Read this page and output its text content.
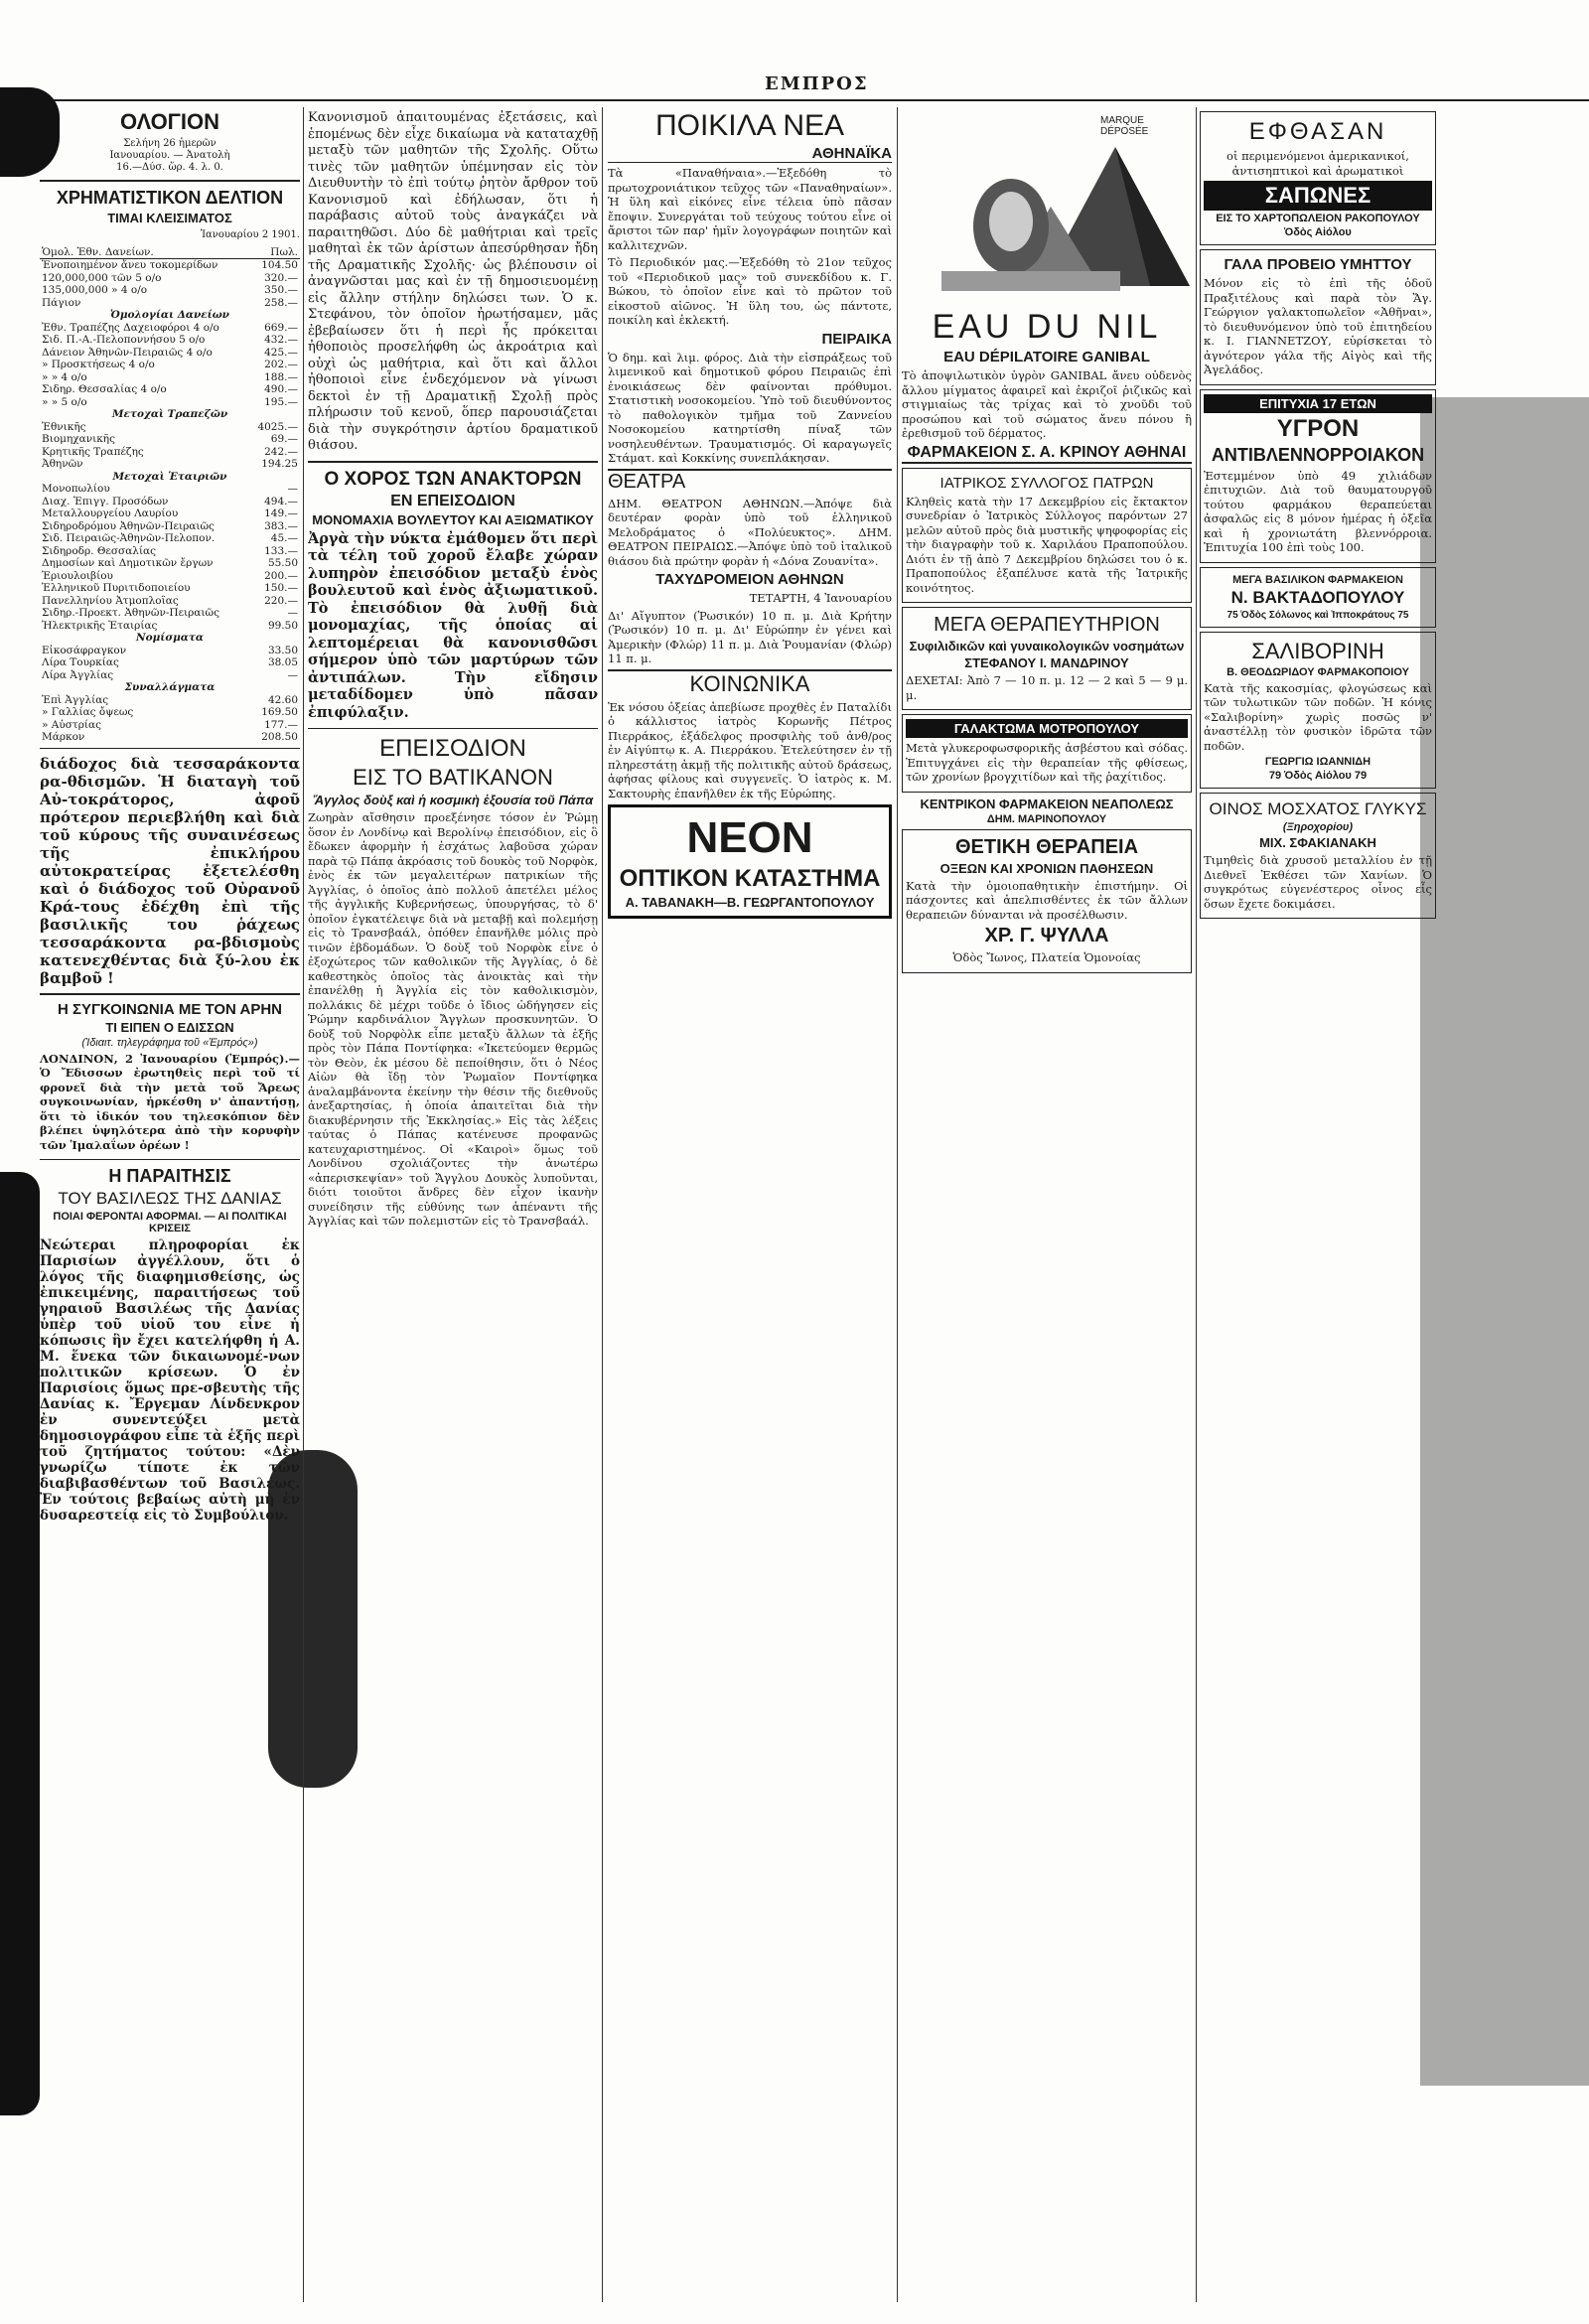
ΕΜΠΡΟΣ
ΟΛΟΓΙΟΝ
Σελήνη 26 ἡμερῶν
Ιανουαρίου. — Ἀνατολὴ
16.—Δύσ. ὥρ. 4. λ. 0.
ΧΡΗΜΑΤΙΣΤΙΚΟΝ ΔΕΛΤΙΟΝ
ΤΙΜΑΙ ΚΛΕΙΣΙΜΑΤΟΣ
Ἰανουαρίου 2 1901.
Ὁμολ. Ἐθν. Δανείων.	Πωλ.
Ἑνοποιημένον ἄνευ τοκομερίδων	104.50
120,000,000 τῶν 5 ο/ο	320.—
135,000,000 » 4 ο/ο	350.—
Πάγιον	258.—
Ὁμολογίαι Δανείων	
Ἐθν. Τραπέζης Δαχειοφόροι 4 ο/ο	669.—
Σιδ. Π.-Α.-Πελοποννήσου 5 ο/ο	432.—
Δάνειον Ἀθηνῶν-Πειραιῶς 4 ο/ο	425.—
» Προσκτήσεως 4 ο/ο	202.—
» » 4 ο/ο	188.—
Σιδηρ. Θεσσαλίας 4 ο/ο	490.—
» » 5 ο/ο	195.—
Μετοχαὶ Τραπεζῶν	
Ἐθνικῆς	4025.—
Βιομηχανικῆς	69.—
Κρητικῆς Τραπέζης	242.—
Ἀθηνῶν	194.25
Μετοχαὶ Ἑταιριῶν	
Μονοπωλίου	—
Διαχ. Ἐπιγγ. Προσόδων	494.—
Μεταλλουργείου Λαυρίου	149.—
Σιδηροδρόμου Ἀθηνῶν-Πειραιῶς	383.—
Σιδ. Πειραιῶς-Ἀθηνῶν-Πελοπον.	45.—
Σιδηροδρ. Θεσσαλίας	133.—
Δημοσίων καὶ Δημοτικῶν ἔργων	55.50
Ἐριουλοιβίου	200.—
Ἑλληνικοῦ Πυριτιδοποιείου	150.—
Πανελληνίου Ἀτμοπλοΐας	220.—
Σιδηρ.-Προεκτ. Ἀθηνῶν-Πειραιῶς	—
Ἠλεκτρικῆς Ἑταιρίας	99.50
Νομίσματα	
Εἰκοσάφραγκον	33.50
Λίρα Τουρκίας	38.05
Λίρα Ἀγγλίας	—
Συναλλάγματα	
Ἐπὶ Ἀγγλίας	42.60
» Γαλλίας ὄψεως	169.50
» Αὐστρίας	177.—
Μάρκον	208.50
διάδοχος διὰ τεσσαράκοντα ρα-θδισμῶν. Ἡ διαταγὴ τοῦ Αὐ-τοκράτορος, ἀφοῦ πρότερον περιεβλήθη καὶ διὰ τοῦ κύρους τῆς συναινέσεως τῆς ἐπικλήρου αὐτοκρατείρας ἐξετελέσθη καὶ ὁ διάδοχος τοῦ Οὐρανοῦ Κρά-τους ἐδέχθη ἐπὶ τῆς βασιλικῆς του ῥάχεως τεσσαράκοντα ρα-βδισμοὺς κατενεχθέντας διὰ ξύ-λου ἐκ βαμβοῦ !
Η ΣΥΓΚΟΙΝΩΝΙΑ ΜΕ ΤΟΝ ΑΡΗΝ
ΤΙ ΕΙΠΕΝ Ο ΕΔΙΣΣΩΝ
(Ἰδιαιτ. τηλεγράφημα τοῦ «Ἐμπρός»)
ΛΟΝΔΙΝΟΝ, 2 Ἰανουαρίου (Ἐμπρός).—Ὁ Ἔδισσων ἐρωτηθεὶς περὶ τοῦ τί φρονεῖ διὰ τὴν μετὰ τοῦ Ἄρεως συγκοινωνίαν, ἠρκέσθη ν' ἀπαντήσῃ, ὅτι τὸ ἰδικόν του τηλεσκόπιον δὲν βλέπει ὑψηλότερα ἀπὸ τὴν κορυφὴν τῶν Ἱμαλαΐων ὀρέων !
Η ΠΑΡΑΙΤΗΣΙΣ
ΤΟΥ ΒΑΣΙΛΕΩΣ ΤΗΣ ΔΑΝΙΑΣ
ΠΟΙΑΙ ΦΕΡΟΝΤΑΙ ΑΦΟΡΜΑΙ. — ΑΙ ΠΟΛΙΤΙΚΑΙ ΚΡΙΣΕΙΣ
Νεώτεραι πληροφορίαι ἐκ Παρισίων ἀγγέλλουν, ὅτι ὁ λόγος τῆς διαφημισθείσης, ὡς ἐπικειμένης, παραιτήσεως τοῦ γηραιοῦ Βασιλέως τῆς Δανίας ὑπὲρ τοῦ υἱοῦ του εἶνε ἡ κόπωσις ἣν ἔχει κατελήφθη ἡ Α. Μ. ἕνεκα τῶν δικαιωνομέ-νων πολιτικῶν κρίσεων. Ὁ ἐν Παρισίοις ὅμως πρε-σβευτὴς τῆς Δανίας κ. Ἔργεμαν Λίνδενκρον ἐν συνεντεύξει μετὰ δημοσιογράφου εἶπε τὰ ἑξῆς περὶ τοῦ ζητήματος τούτου: «Δὲν γνωρίζω τίποτε ἐκ τῶν διαβιβασθέντων τοῦ Βασιλέως. Ἐν τούτοις βεβαίως αὐτὴ μὴ ἐν δυσαρεστείᾳ εἰς τὸ Συμβούλιον.
Κανονισμοῦ ἀπαιτουμένας ἐξετάσεις, καὶ ἑπομένως δὲν εἶχε δικαίωμα νὰ καταταχθῇ μεταξὺ τῶν μαθητῶν τῆς Σχολῆς. Οὕτω τινὲς τῶν μαθητῶν ὑπέμνησαν εἰς τὸν Διευθυντὴν τὸ ἐπὶ τούτῳ ῥητὸν ἄρθρον τοῦ Κανονισμοῦ καὶ ἐδήλωσαν, ὅτι ἡ παράβασις αὐτοῦ τοὺς ἀναγκάζει νὰ παραιτηθῶσι. Δύο δὲ μαθήτριαι καὶ τρεῖς μαθηταὶ ἐκ τῶν ἀρίστων ἀπεσύρθησαν ἤδη τῆς Δραματικῆς Σχολῆς· ὡς βλέπουσιν οἱ ἀναγνῶσται μας καὶ ἐν τῇ δημοσιευομένῃ εἰς ἄλλην στήλην δηλώσει των. Ὁ κ. Στεφάνου, τὸν ὁποῖον ἠρωτήσαμεν, μᾶς ἐβεβαίωσεν ὅτι ἡ περὶ ἧς πρόκειται ἠθοποιὸς προσελήφθη ὡς ἀκροάτρια καὶ οὐχὶ ὡς μαθήτρια, καὶ ὅτι καὶ ἄλλοι ἠθοποιοὶ εἶνε ἐνδεχόμενον νὰ γίνωσι δεκτοὶ ἐν τῇ Δραματικῇ Σχολῇ πρὸς πλήρωσιν τοῦ κενοῦ, ὅπερ παρουσιάζεται διὰ τὴν συγκρότησιν ἀρτίου δραματικοῦ θιάσου.
Ο ΧΟΡΟΣ ΤΩΝ ΑΝΑΚΤΟΡΩΝ
ΕΝ ΕΠΕΙΣΟΔΙΟΝ
ΜΟΝΟΜΑΧΙΑ ΒΟΥΛΕΥΤΟΥ ΚΑΙ ΑΞΙΩΜΑΤΙΚΟΥ
Ἀργὰ τὴν νύκτα ἐμάθομεν ὅτι περὶ τὰ τέλη τοῦ χοροῦ ἔλαβε χώραν λυπηρὸν ἐπεισόδιον μεταξὺ ἑνὸς βουλευτοῦ καὶ ἑνὸς ἀξιωματικοῦ. Τὸ ἐπεισόδιον θὰ λυθῇ διὰ μονομαχίας, τῆς ὁποίας αἱ λεπτομέρειαι θὰ κανονισθῶσι σήμερον ὑπὸ τῶν μαρτύρων τῶν ἀντιπάλων. Τὴν εἴδησιν μεταδίδομεν ὑπὸ πᾶσαν ἐπιφύλαξιν.
ΕΠΕΙΣΟΔΙΟΝ
ΕΙΣ ΤΟ ΒΑΤΙΚΑΝΟΝ
Ἄγγλος δοὺξ καὶ ἡ κοσμικὴ ἐξουσία τοῦ Πάπα
Ζωηρὰν αἴσθησιν προεξένησε τόσον ἐν Ῥώμῃ ὅσον ἐν Λονδίνῳ καὶ Βερολίνῳ ἐπεισόδιον, εἰς ὃ ἔδωκεν ἀφορμὴν ἡ ἐσχάτως λαβοῦσα χώραν παρὰ τῷ Πάπᾳ ἀκρόασις τοῦ δουκὸς τοῦ Νορφὸκ, ἑνὸς ἐκ τῶν μεγαλειτέρων πατρικίων τῆς Ἀγγλίας, ὁ ὁποῖος ἀπὸ πολλοῦ ἀπετέλει μέλος τῆς ἀγγλικῆς Κυβερνήσεως, ὑπουργήσας, τὸ δ' ὁποῖον ἐγκατέλειψε διὰ νὰ μεταβῇ καὶ πολεμήσῃ εἰς τὸ Τρανσβαάλ, ὁπόθεν ἐπανῆλθε μόλις πρὸ τινῶν ἑβδομάδων. Ὁ δοὺξ τοῦ Νορφὸκ εἶνε ὁ ἐξοχώτερος τῶν καθολικῶν τῆς Ἀγγλίας, ὁ δὲ καθεστηκὸς ὁποῖος τὰς ἀνοικτὰς καὶ τὴν ἐπανέλθῃ ἡ Ἀγγλία εἰς τὸν καθολικισμὸν, πολλάκις δὲ μέχρι τοῦδε ὁ ἴδιος ὡδήγησεν εἰς Ῥώμην καρδινάλιον Ἄγγλων προσκυνητῶν. Ὁ δοὺξ τοῦ Νορφὸλκ εἶπε μεταξὺ ἄλλων τὰ ἑξῆς πρὸς τὸν Πάπα Ποντίφηκα: «Ἱκετεύομεν θερμῶς τὸν Θεὸν, ἐκ μέσου δὲ πεποίθησιν, ὅτι ὁ Νέος Αἰὼν θὰ ἴδῃ τὸν Ῥωμαῖον Ποντίφηκα ἀναλαμβάνοντα ἐκείνην τὴν θέσιν τῆς διεθνοῦς ἀνεξαρτησίας, ἡ ὁποία ἀπαιτεῖται διὰ τὴν διακυβέρνησιν τῆς Ἐκκλησίας.» Εἰς τὰς λέξεις ταύτας ὁ Πάπας κατένευσε προφανῶς κατευχαριστημένος. Οἱ «Καιροὶ» ὅμως τοῦ Λονδίνου σχολιάζοντες τὴν ἀνωτέρω «ἀπερισκεψίαν» τοῦ Ἄγγλου Δουκὸς λυποῦνται, διότι τοιοῦτοι ἄνδρες δὲν εἶχον ἱκανὴν συνείδησιν τῆς εὐθύνης των ἀπέναντι τῆς Ἀγγλίας καὶ τῶν πολεμιστῶν εἰς τὸ Τρανσβαάλ.
ΠΟΙΚΙΛΑ ΝΕΑ
ΑΘΗΝΑΪΚΑ
Τὰ «Παναθήναια».—Ἐξεδόθη τὸ πρωτοχρονιάτικον τεῦχος τῶν «Παναθηναίων». Ἡ ὕλη καὶ εἰκόνες εἶνε τέλεια ὑπὸ πᾶσαν ἔποψιν. Συνεργάται τοῦ τεύχους τούτου εἶνε οἱ ἄριστοι τῶν παρ' ἡμῖν λογογράφων ποιητῶν καὶ καλλιτεχνῶν.
Τὸ Περιοδικόν μας.—Ἐξεδόθη τὸ 21ον τεῦχος τοῦ «Περιοδικοῦ μας» τοῦ συνεκδίδου κ. Γ. Βώκου, τὸ ὁποῖον εἶνε καὶ τὸ πρῶτον τοῦ εἰκοστοῦ αἰῶνος. Ἡ ὕλη του, ὡς πάντοτε, ποικίλη καὶ ἐκλεκτή.
ΠΕΙΡΑΙΚΑ
Ὁ δημ. καὶ λιμ. φόρος. Διὰ τὴν εἰσπράξεως τοῦ λιμενικοῦ καὶ δημοτικοῦ φόρου Πειραιῶς ἐπὶ ἑνοικιάσεως δὲν φαίνονται πρόθυμοι. Στατιστικὴ νοσοκομείου. Ὑπὸ τοῦ διευθύνοντος τὸ παθολογικὸν τμῆμα τοῦ Ζαννείου Νοσοκομείου κατηρτίσθη πίναξ τῶν νοσηλευθέντων. Τραυματισμός. Οἱ καραγωγεῖς Στάματ. καὶ Κοκκίνης συνεπλάκησαν.
ΘΕΑΤΡΑ
ΔΗΜ. ΘΕΑΤΡΟΝ ΑΘΗΝΩΝ.—Ἀπόψε διὰ δευτέραν φορὰν ὑπὸ τοῦ ἑλληνικοῦ Μελοδράματος ὁ «Πολύευκτος». ΔΗΜ. ΘΕΑΤΡΟΝ ΠΕΙΡΑΙΩΣ.—Ἀπόψε ὑπὸ τοῦ ἰταλικοῦ θιάσου διὰ πρώτην φορὰν ἡ «Δόνα Ζουανίτα».
ΤΑΧΥΔΡΟΜΕΙΟΝ ΑΘΗΝΩΝ
ΤΕΤΑΡΤΗ, 4 Ἰανουαρίου
Δι' Αἴγυπτον (Ῥωσικόν) 10 π. μ. Διὰ Κρήτην (Ῥωσικόν) 10 π. μ. Δι' Εὐρώπην ἐν γένει καὶ Ἀμερικὴν (Φλώρ) 11 π. μ. Διὰ Ῥουμανίαν (Φλώρ) 11 π. μ.
ΚΟΙΝΩΝΙΚΑ
Ἐκ νόσου ὀξείας ἀπεβίωσε προχθὲς ἐν Παταλίδι ὁ κάλλιστος ἰατρὸς Κορωνῆς Πέτρος Πιερράκος, ἐξάδελφος προσφιλὴς τοῦ ἀνθ/ρος ἐν Αἰγύπτῳ κ. Α. Πιερράκου. Ἐτελεύτησεν ἐν τῇ πληρεστάτῃ ἀκμῇ τῆς πολιτικῆς αὐτοῦ δράσεως, ἀφήσας φίλους καὶ συγγενεῖς. Ὁ ἰατρὸς κ. Μ. Σακτουρὴς ἐπανῆλθεν ἐκ τῆς Εὐρώπης.
ΝΕΟΝ
ΟΠΤΙΚΟΝ ΚΑΤΑΣΤΗΜΑ
Α. ΤΑΒΑΝΑΚΗ—Β. ΓΕΩΡΓΑΝΤΟΠΟΥΛΟΥ
MARQUE DÉPOSÉE
EAU DU NIL
EAU DÉPILATOIRE GANIBAL
Τὸ ἀποψιλωτικὸν ὑγρὸν GANIBAL ἄνευ οὐδενὸς ἄλλου μίγματος ἀφαιρεῖ καὶ ἐκριζοῖ ῥιζικῶς καὶ στιγμιαίως τὰς τρίχας καὶ τὸ χνοῦδι τοῦ προσώπου καὶ τοῦ σώματος ἄνευ πόνου ἢ ἐρεθισμοῦ τοῦ δέρματος.
ΦΑΡΜΑΚΕΙΟΝ Σ. Α. ΚΡΙΝΟΥ ΑΘΗΝΑΙ
ΙΑΤΡΙΚΟΣ ΣΥΛΛΟΓΟΣ ΠΑΤΡΩΝ
Κληθεὶς κατὰ τὴν 17 Δεκεμβρίου εἰς ἔκτακτον συνεδρίαν ὁ Ἰατρικὸς Σύλλογος παρόντων 27 μελῶν αὐτοῦ πρὸς διὰ μυστικῆς ψηφοφορίας εἰς τὴν διαγραφὴν τοῦ κ. Χαριλάου Πραποπούλου. Διότι ἐν τῇ ἀπὸ 7 Δεκεμβρίου δηλώσει του ὁ κ. Πραποπούλος ἐξαπέλυσε κατὰ τῆς Ἰατρικῆς κοινότητος.
ΜΕΓΑ ΘΕΡΑΠΕΥΤΗΡΙΟΝ
Συφιλιδικῶν καὶ γυναικολογικῶν νοσημάτων
ΣΤΕΦΑΝΟΥ Ι. ΜΑΝΔΡΙΝΟΥ
ΔΕΧΕΤΑΙ: Ἀπὸ 7 — 10 π. μ. 12 — 2 καὶ 5 — 9 μ. μ.
ΓΑΛΑΚΤΩΜΑ ΜΟΤΡΟΠΟΥΛΟΥ
Μετὰ γλυκεροφωσφορικῆς ἀσβέστου καὶ σόδας. Ἐπιτυγχάνει εἰς τὴν θεραπείαν τῆς φθίσεως, τῶν χρονίων βρογχιτίδων καὶ τῆς ῥαχίτιδος.
ΚΕΝΤΡΙΚΟΝ ΦΑΡΜΑΚΕΙΟΝ ΝΕΑΠΟΛΕΩΣ
ΔΗΜ. ΜΑΡΙΝΟΠΟΥΛΟΥ
ΘΕΤΙΚΗ ΘΕΡΑΠΕΙΑ
ΟΞΕΩΝ ΚΑΙ ΧΡΟΝΙΩΝ ΠΑΘΗΣΕΩΝ
Κατὰ τὴν ὁμοιοπαθητικὴν ἐπιστήμην. Οἱ πάσχοντες καὶ ἀπελπισθέντες ἐκ τῶν ἄλλων θεραπειῶν δύνανται νὰ προσέλθωσιν.
ΧΡ. Γ. ΨΥΛΛΑ
Ὁδὸς Ἴωνος, Πλατεία Ὁμονοίας
ΕΦΘΑΣΑΝ
οἱ περιμενόμενοι ἀμερικανικοί, ἀντισηπτικοὶ καὶ ἀρωματικοὶ
ΣΑΠΩΝΕΣ
ΕΙΣ ΤΟ ΧΑΡΤΟΠΩΛΕΙΟΝ ΡΑΚΟΠΟΥΛΟΥ
Ὁδὸς Αἰόλου
ΓΑΛΑ ΠΡΟΒΕΙΟ ΥΜΗΤΤΟΥ
Μόνον εἰς τὸ ἐπὶ τῆς ὁδοῦ Πραξιτέλους καὶ παρὰ τὸν Ἅγ. Γεώργιον γαλακτοπωλεῖον «Ἀθῆναι», τὸ διευθυνόμενον ὑπὸ τοῦ ἐπιτηδείου κ. Ι. ΓΙΑΝΝΕΤΖΟΥ, εὑρίσκεται τὸ ἀγνότερον γάλα τῆς Αἰγὸς καὶ τῆς Ἀγελάδος.
ΕΠΙΤΥΧΙΑ 17 ΕΤΩΝ
ΥΓΡΟΝ
ΑΝΤΙΒΛΕΝΝΟΡΡΟΙΑΚΟΝ
Ἐστεμμένον ὑπὸ 49 χιλιάδων ἐπιτυχιῶν. Διὰ τοῦ θαυματουργοῦ τούτου φαρμάκου θεραπεύεται ἀσφαλῶς εἰς 8 μόνον ἡμέρας ἡ ὀξεῖα καὶ ἡ χρονιωτάτη βλεννόρροια. Ἐπιτυχία 100 ἐπὶ τοὺς 100.
ΜΕΓΑ ΒΑΣΙΛΙΚΟΝ ΦΑΡΜΑΚΕΙΟΝ
Ν. ΒΑΚΤΑΔΟΠΟΥΛΟΥ
75 Ὁδὸς Σόλωνος καὶ Ἱπποκράτους 75
ΣΑΛΙΒΟΡΙΝΗ
Β. ΘΕΟΔΩΡΙΔΟΥ ΦΑΡΜΑΚΟΠΟΙΟΥ
Κατὰ τῆς κακοσμίας, φλογώσεως καὶ τῶν τυλωτικῶν τῶν ποδῶν. Ἡ κόνις «Σαλιβορίνη» χωρὶς ποσῶς ν' ἀναστέλλῃ τὸν φυσικὸν ἱδρῶτα τῶν ποδῶν.
ΓΕΩΡΓΙΩ ΙΩΑΝΝΙΔΗ
79 Ὁδὸς Αἰόλου 79
ΟΙΝΟΣ ΜΟΣΧΑΤΟΣ ΓΛΥΚΥΣ
(Ξηροχορίου)
ΜΙΧ. ΣΦΑΚΙΑΝΑΚΗ
Τιμηθεὶς διὰ χρυσοῦ μεταλλίου ἐν τῇ Διεθνεῖ Ἐκθέσει τῶν Χανίων. Ὁ συγκρότως εὐγενέστερος οἶνος εἶς ὅσων ἔχετε δοκιμάσει.
